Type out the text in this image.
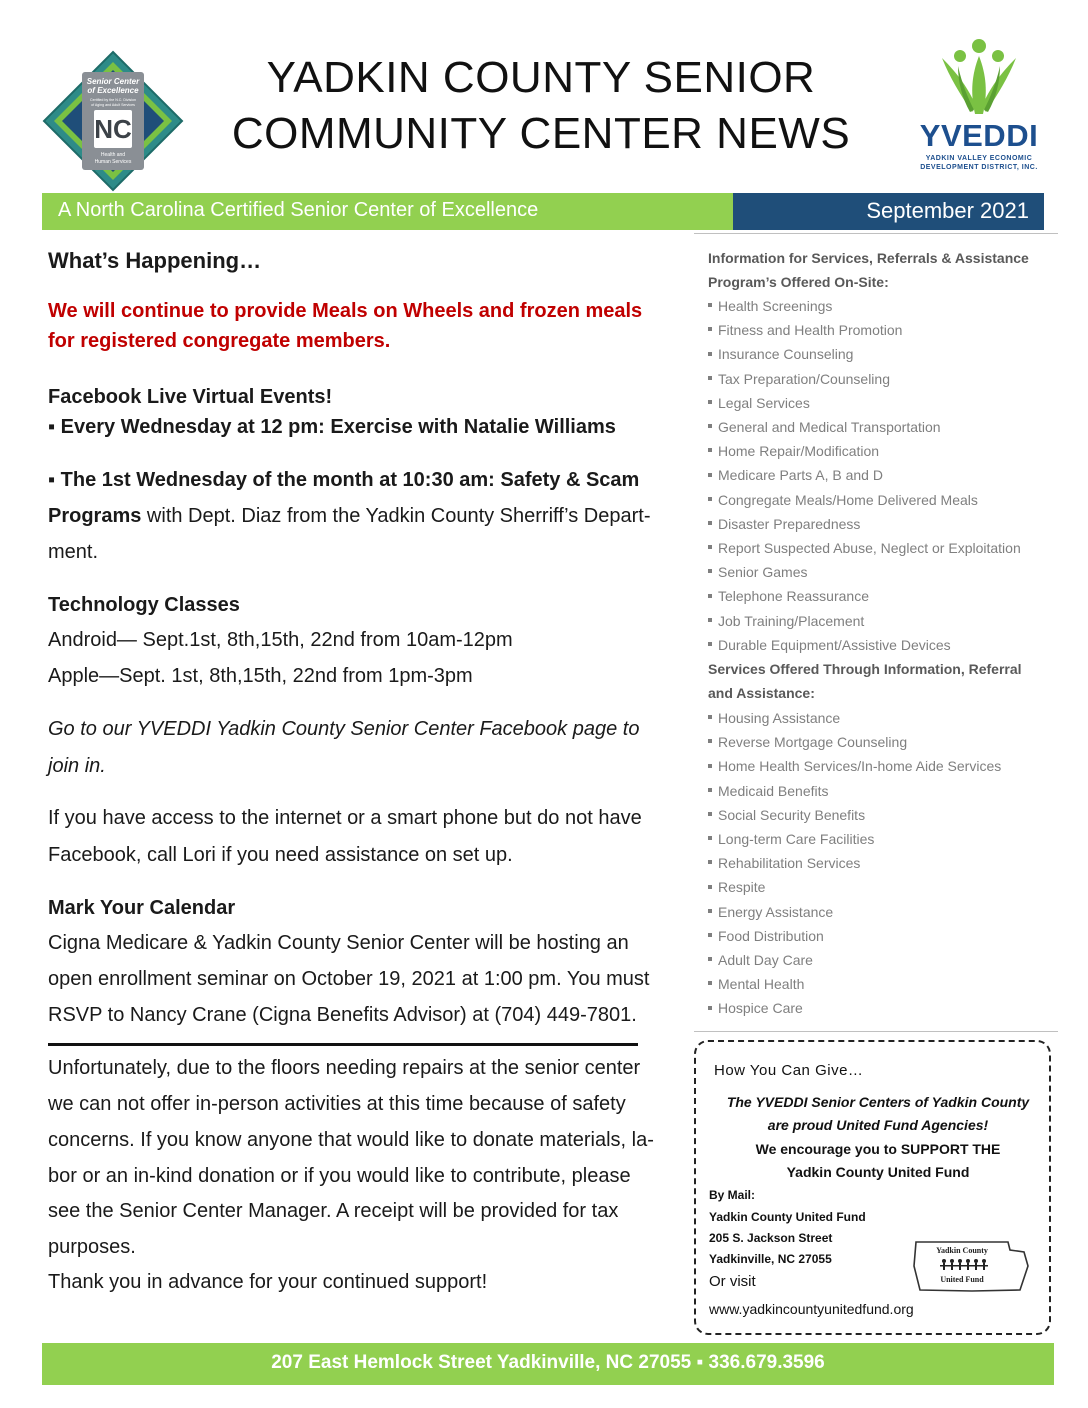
Senior Center
of Excellence
Certified by the N.C. Division
of Aging and Adult Services
NC
Health and
Human Services
YADKIN COUNTY SENIOR
COMMUNITY CENTER NEWS	YVEDDI
YADKIN VALLEY ECONOMIC
DEVELOPMENT DISTRICT, INC.
A North Carolina Certified Senior Center of Excellence	September 2021
What’s Happening…
We will continue to provide Meals on Wheels and frozen meals
for registered congregate members.
Facebook Live Virtual Events!
▪ Every Wednesday at 12 pm: Exercise with Natalie Williams
▪ The 1st Wednesday of the month at 10:30 am: Safety & Scam
Programs with Dept. Diaz from the Yadkin County Sherriff’s Depart-
ment.
Technology Classes
Android— Sept.1st, 8th,15th, 22nd from 10am-12pm
Apple—Sept. 1st, 8th,15th, 22nd from 1pm-3pm
Go to our YVEDDI Yadkin County Senior Center Facebook page to
join in.
If you have access to the internet or a smart phone but do not have
Facebook, call Lori if you need assistance on set up.
Mark Your Calendar
Cigna Medicare & Yadkin County Senior Center will be hosting an
open enrollment seminar on October 19, 2021 at 1:00 pm. You must
RSVP to Nancy Crane (Cigna Benefits Advisor) at (704) 449-7801.
Unfortunately, due to the floors needing repairs at the senior center
we can not offer in-person activities at this time because of safety
concerns. If you know anyone that would like to donate materials, la-
bor or an in-kind donation or if you would like to contribute, please
see the Senior Center Manager. A receipt will be provided for tax
purposes.
Thank you in advance for your continued support!
Information for Services, Referrals & Assistance
Program’s Offered On-Site:
Health Screenings
Fitness and Health Promotion
Insurance Counseling
Tax Preparation/Counseling
Legal Services
General and Medical Transportation
Home Repair/Modification
Medicare Parts A, B and D
Congregate Meals/Home Delivered Meals
Disaster Preparedness
Report Suspected Abuse, Neglect or Exploitation
Senior Games
Telephone Reassurance
Job Training/Placement
Durable Equipment/Assistive Devices
Services Offered Through Information, Referral
and Assistance:
Housing Assistance
Reverse Mortgage Counseling
Home Health Services/In-home Aide Services
Medicaid Benefits
Social Security Benefits
Long-term Care Facilities
Rehabilitation Services
Respite
Energy Assistance
Food Distribution
Adult Day Care
Mental Health
Hospice Care
How You Can Give…
The YVEDDI Senior Centers of Yadkin County
are proud United Fund Agencies!
We encourage you to SUPPORT THE
Yadkin County United Fund
By Mail:
Yadkin County United Fund
205 S. Jackson Street
Yadkinville, NC 27055
Or visit
www.yadkincountyunitedfund.org
Yadkin County
United Fund
207 East Hemlock Street Yadkinville, NC 27055 ▪ 336.679.3596
